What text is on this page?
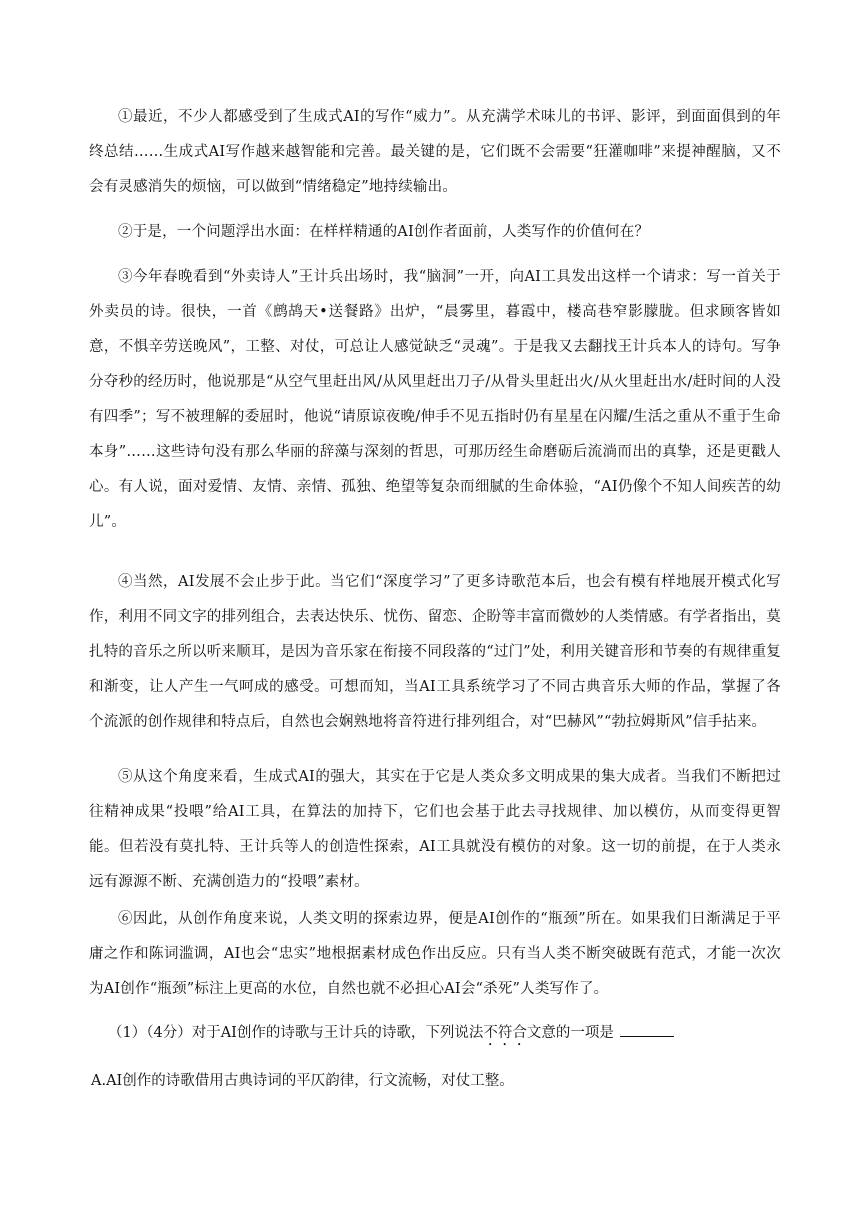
①最近，不少人都感受到了生成式AI的写作“威力”。从充满学术味儿的书评、影评，到面面俱到的年终总结……生成式AI写作越来越智能和完善。最关键的是，它们既不会需要“狂灌咖啡”来提神醒脑，又不会有灵感消失的烦恼，可以做到“情绪稳定”地持续输出。

②于是，一个问题浮出水面：在样样精通的AI创作者面前，人类写作的价值何在？

③今年春晚看到“外卖诗人”王计兵出场时，我“脑洞”一开，向AI工具发出这样一个请求：写一首关于外卖员的诗。很快，一首《鹧鸪天•送餐路》出炉，“晨雾里，暮霞中，楼高巷窄影朦胧。但求顾客皆如意，不惧辛劳送晚风”，工整、对仗，可总让人感觉缺乏“灵魂”。于是我又去翻找王计兵本人的诗句。写争分夺秒的经历时，他说那是“从空气里赶出风/从风里赶出刀子/从骨头里赶出火/从火里赶出水/赶时间的人没有四季”；写不被理解的委屈时，他说“请原谅夜晚/伸手不见五指时仍有星星在闪耀/生活之重从不重于生命本身”……这些诗句没有那么华丽的辞藻与深刻的哲思，可那历经生命磨砺后流淌而出的真挚，还是更戳人心。有人说，面对爱情、友情、亲情、孤独、绝望等复杂而细腻的生命体验，“AI仍像个不知人间疾苦的幼儿”。

④当然，AI发展不会止步于此。当它们“深度学习”了更多诗歌范本后，也会有模有样地展开模式化写作，利用不同文字的排列组合，去表达快乐、忧伤、留恋、企盼等丰富而微妙的人类情感。有学者指出，莫扎特的音乐之所以听来顺耳，是因为音乐家在衔接不同段落的“过门”处，利用关键音形和节奏的有规律重复和渐变，让人产生一气呵成的感受。可想而知，当AI工具系统学习了不同古典音乐大师的作品，掌握了各个流派的创作规律和特点后，自然也会娴熟地将音符进行排列组合，对“巴赫风”“勃拉姆斯风”信手拈来。

⑤从这个角度来看，生成式AI的强大，其实在于它是人类众多文明成果的集大成者。当我们不断把过往精神成果“投喂”给AI工具，在算法的加持下，它们也会基于此去寻找规律、加以模仿，从而变得更智能。但若没有莫扎特、王计兵等人的创造性探索，AI工具就没有模仿的对象。这一切的前提，在于人类永远有源源不断、充满创造力的“投喂”素材。

⑥因此，从创作角度来说，人类文明的探索边界，便是AI创作的“瓶颈”所在。如果我们日渐满足于平庸之作和陈词滥调，AI也会“忠实”地根据素材成色作出反应。只有当人类不断突破既有范式，才能一次次为AI创作“瓶颈”标注上更高的水位，自然也就不必担心AI会“杀死”人类写作了。

（1）（4分）对于AI创作的诗歌与王计兵的诗歌，下列说法不符合文意的一项是
A.AI创作的诗歌借用古典诗词的平仄韵律，行文流畅，对仗工整。
